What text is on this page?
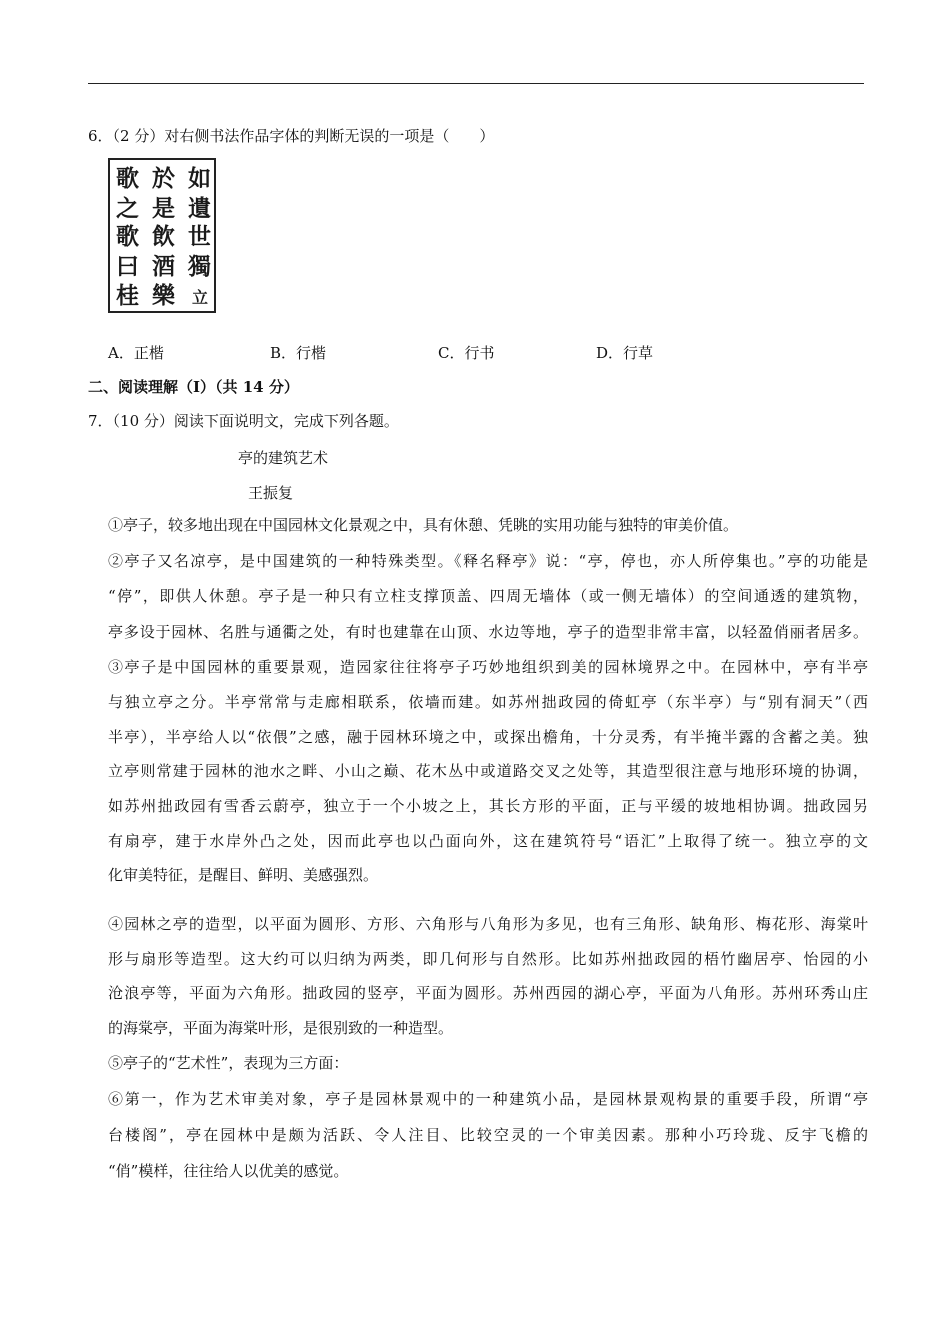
6．（2 分）对右侧书法作品字体的判断无误的一项是（　　）
如
遺
世
獨
立
於
是
飲
酒
樂
歌
之
歌
曰
桂
A．正楷	B．行楷	C．行书	D．行草
二、阅读理解（Ⅰ）（共 14 分）
7．（10 分）阅读下面说明文，完成下列各题。
亭的建筑艺术
王振复
①亭子，较多地出现在中国园林文化景观之中，具有休憩、凭眺的实用功能与独特的审美价值。
②亭子又名凉亭，是中国建筑的一种特殊类型。《释名释亭》说：“亭，停也，亦人所停集也。”亭的功能是
“停”，即供人休憩。亭子是一种只有立柱支撑顶盖、四周无墙体（或一侧无墙体）的空间通透的建筑物，
亭多设于园林、名胜与通衢之处，有时也建靠在山顶、水边等地，亭子的造型非常丰富，以轻盈俏丽者居多。
③亭子是中国园林的重要景观，造园家往往将亭子巧妙地组织到美的园林境界之中。在园林中，亭有半亭
与独立亭之分。半亭常常与走廊相联系，依墙而建。如苏州拙政园的倚虹亭（东半亭）与“别有洞天”（西
半亭），半亭给人以“依偎”之感，融于园林环境之中，或探出檐角，十分灵秀，有半掩半露的含蓄之美。独
立亭则常建于园林的池水之畔、小山之巅、花木丛中或道路交叉之处等，其造型很注意与地形环境的协调，
如苏州拙政园有雪香云蔚亭，独立于一个小坡之上，其长方形的平面，正与平缓的坡地相协调。拙政园另
有扇亭，建于水岸外凸之处，因而此亭也以凸面向外，这在建筑符号“语汇”上取得了统一。独立亭的文
化审美特征，是醒目、鲜明、美感强烈。
④园林之亭的造型，以平面为圆形、方形、六角形与八角形为多见，也有三角形、缺角形、梅花形、海棠叶
形与扇形等造型。这大约可以归纳为两类，即几何形与自然形。比如苏州拙政园的梧竹幽居亭、怡园的小
沧浪亭等，平面为六角形。拙政园的竖亭，平面为圆形。苏州西园的湖心亭，平面为八角形。苏州环秀山庄
的海棠亭，平面为海棠叶形，是很别致的一种造型。
⑤亭子的“艺术性”，表现为三方面：
⑥第一，作为艺术审美对象，亭子是园林景观中的一种建筑小品，是园林景观构景的重要手段，所谓“亭
台楼阁”，亭在园林中是颇为活跃、令人注目、比较空灵的一个审美因素。那种小巧玲珑、反宇飞檐的
“俏”模样，往往给人以优美的感觉。
